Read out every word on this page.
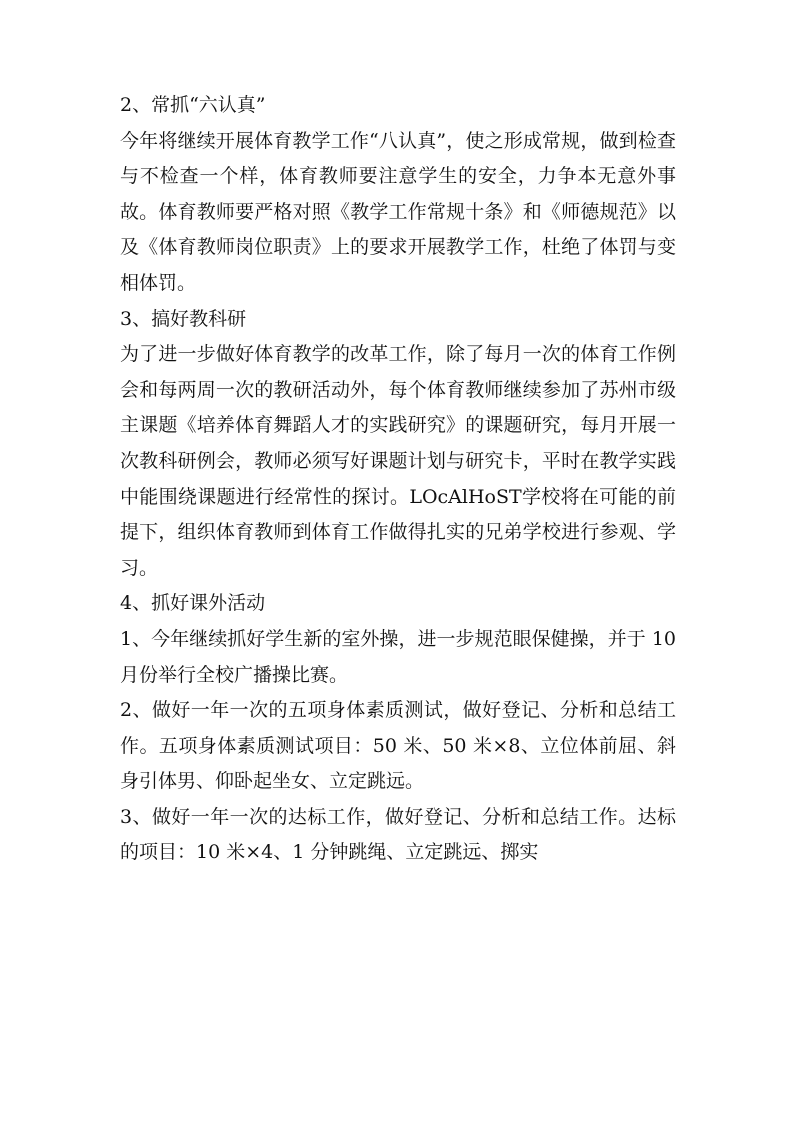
2、常抓“六认真”
今年将继续开展体育教学工作“八认真”，使之形成常规，做到检查与不检查一个样，体育教师要注意学生的安全，力争本无意外事故。体育教师要严格对照《教学工作常规十条》和《师德规范》以及《体育教师岗位职责》上的要求开展教学工作，杜绝了体罚与变相体罚。
3、搞好教科研
为了进一步做好体育教学的改革工作，除了每月一次的体育工作例会和每两周一次的教研活动外，每个体育教师继续参加了苏州市级主课题《培养体育舞蹈人才的实践研究》的课题研究，每月开展一次教科研例会，教师必须写好课题计划与研究卡，平时在教学实践中能围绕课题进行经常性的探讨。LOcAlHoST学校将在可能的前提下，组织体育教师到体育工作做得扎实的兄弟学校进行参观、学习。
4、抓好课外活动
1、今年继续抓好学生新的室外操，进一步规范眼保健操，并于 10 月份举行全校广播操比赛。
2、做好一年一次的五项身体素质测试，做好登记、分析和总结工作。五项身体素质测试项目：50 米、50 米×8、立位体前屈、斜身引体男、仰卧起坐女、立定跳远。
3、做好一年一次的达标工作，做好登记、分析和总结工作。达标的项目：10 米×4、1 分钟跳绳、立定跳远、掷实
